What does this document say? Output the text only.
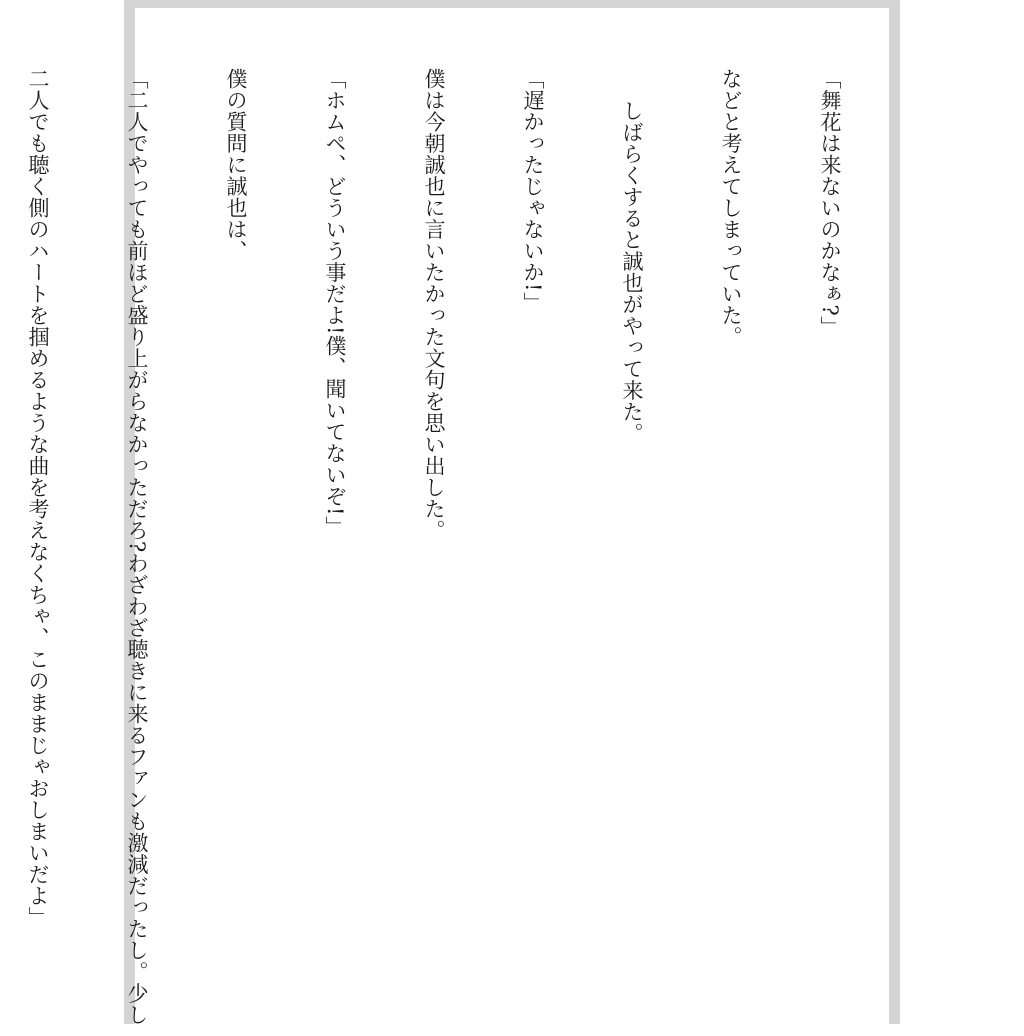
「舞花は来ないのかなぁ?」

などと考えてしまっていた。

しばらくすると誠也がやって来た。

「遅かったじゃないか!」

僕は今朝誠也に言いたかった文句を思い出した。

「ホムペ、どういう事だよ!僕、聞いてないぞ!」

僕の質問に誠也は、

「二人でやっても前ほど盛り上がらなかっただろ?わざわざ聴きに来るファンも激減だったし。少し

二人でも聴く側のハートを掴めるような曲を考えなくちゃ、このままじゃおしまいだよ」
